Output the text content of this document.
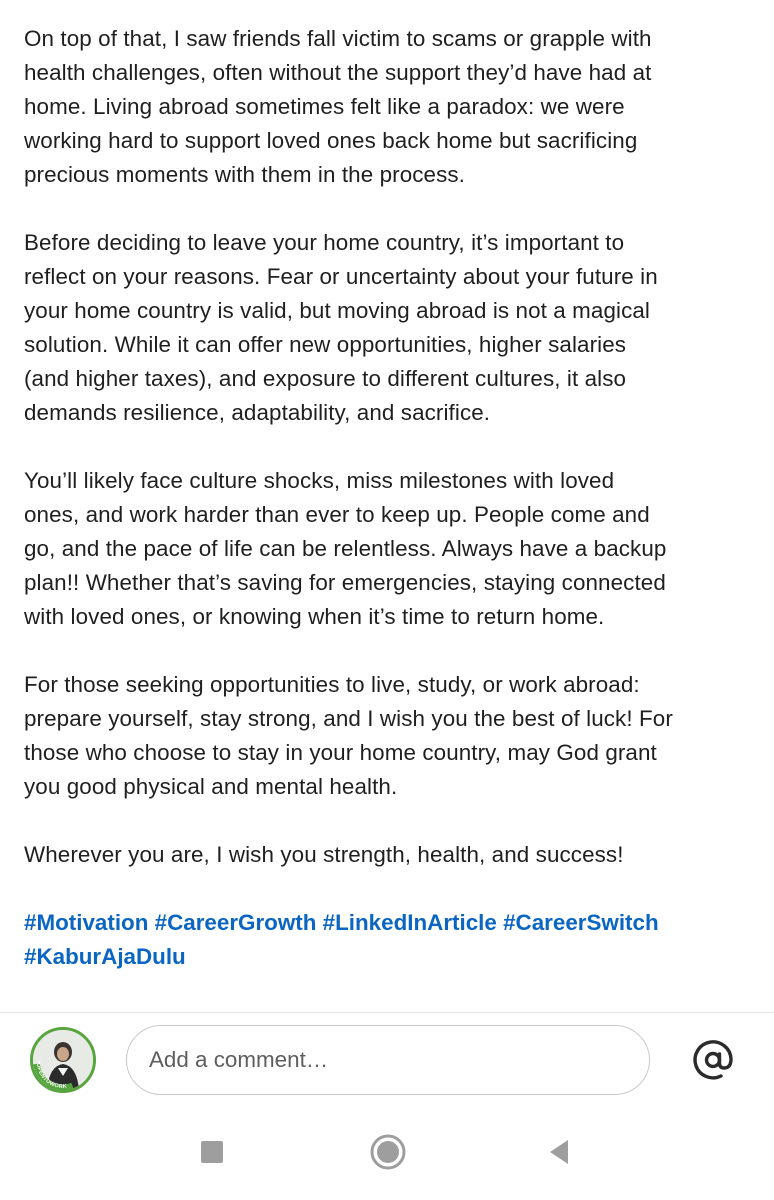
On top of that, I saw friends fall victim to scams or grapple with
health challenges, often without the support they’d have had at
home. Living abroad sometimes felt like a paradox: we were
working hard to support loved ones back home but sacrificing
precious moments with them in the process.

Before deciding to leave your home country, it’s important to
reflect on your reasons. Fear or uncertainty about your future in
your home country is valid, but moving abroad is not a magical
solution. While it can offer new opportunities, higher salaries
(and higher taxes), and exposure to different cultures, it also
demands resilience, adaptability, and sacrifice.

You’ll likely face culture shocks, miss milestones with loved
ones, and work harder than ever to keep up. People come and
go, and the pace of life can be relentless. Always have a backup
plan!! Whether that’s saving for emergencies, staying connected
with loved ones, or knowing when it’s time to return home.

For those seeking opportunities to live, study, or work abroad:
prepare yourself, stay strong, and I wish you the best of luck! For
those who choose to stay in your home country, may God grant
you good physical and mental health.

Wherever you are, I wish you strength, health, and success!

#Motivation #CareerGrowth #LinkedInArticle #CareerSwitch
#KaburAjaDulu

#OPENTOWORK
Add a comment…
